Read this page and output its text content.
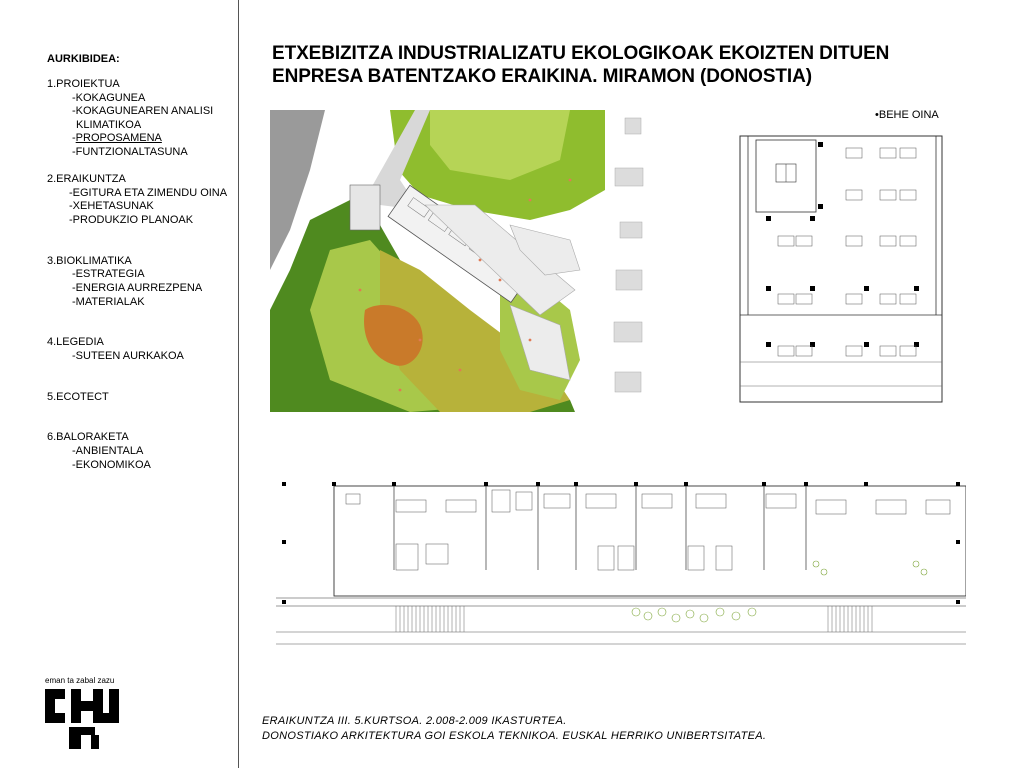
AURKIBIDEA:
1.PROIEKTUA
-KOKAGUNEA
-KOKAGUNEAREN ANALISI
KLIMATIKOA
-PROPOSAMENA
-FUNTZIONALTASUNA
2.ERAIKUNTZA
-EGITURA ETA ZIMENDU OINA
-XEHETASUNAK
-PRODUKZIO PLANOAK
3.BIOKLIMATIKA
-ESTRATEGIA
-ENERGIA AURREZPENA
-MATERIALAK
4.LEGEDIA
-SUTEEN AURKAKOA
5.ECOTECT
6.BALORAKETA
-ANBIENTALA
-EKONOMIKOA
eman ta zabal zazu
ETXEBIZITZA INDUSTRIALIZATU EKOLOGIKOAK EKOIZTEN DITUEN
ENPRESA BATENTZAKO ERAIKINA. MIRAMON (DONOSTIA)
•BEHE OINA
ERAIKUNTZA III. 5.KURTSOA. 2.008-2.009 IKASTURTEA.
DONOSTIAKO ARKITEKTURA GOI ESKOLA TEKNIKOA. EUSKAL HERRIKO UNIBERTSITATEA.
